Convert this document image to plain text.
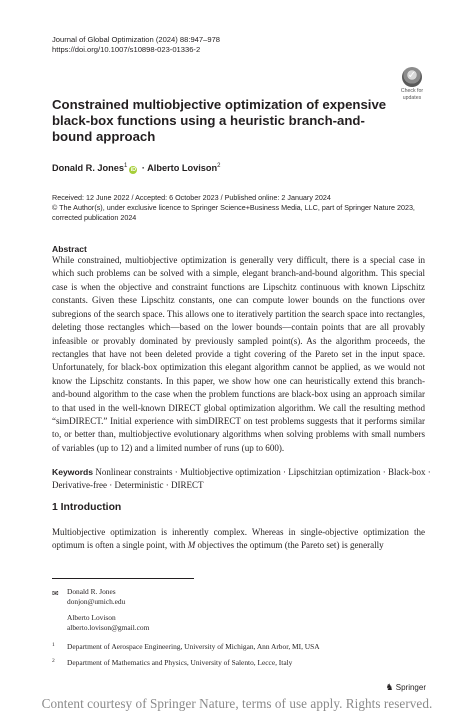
Journal of Global Optimization (2024) 88:947–978
https://doi.org/10.1007/s10898-023-01336-2
✓
Check for
updates
Constrained multiobjective optimization of expensive black-box functions using a heuristic branch-and-bound approach
Donald R. Jones$^1$iD · Alberto Lovison$^2$
Received: 12 June 2022 / Accepted: 6 October 2023 / Published online: 2 January 2024
© The Author(s), under exclusive licence to Springer Science+Business Media, LLC, part of Springer Nature 2023, corrected publication 2024
Abstract
While constrained, multiobjective optimization is generally very difficult, there is a special case in which such problems can be solved with a simple, elegant branch-and-bound algorithm. This special case is when the objective and constraint functions are Lipschitz continuous with known Lipschitz constants. Given these Lipschitz constants, one can compute lower bounds on the functions over subregions of the search space. This allows one to iteratively partition the search space into rectangles, deleting those rectangles which—based on the lower bounds—contain points that are all provably infeasible or provably dominated by previously sampled point(s). As the algorithm proceeds, the rectangles that have not been deleted provide a tight covering of the Pareto set in the input space. Unfortunately, for black-box optimization this elegant algorithm cannot be applied, as we would not know the Lipschitz constants. In this paper, we show how one can heuristically extend this branch-and-bound algorithm to the case when the problem functions are black-box using an approach similar to that used in the well-known DIRECT global optimization algorithm. We call the resulting method “simDIRECT.” Initial experience with simDIRECT on test problems suggests that it performs similar to, or better than, multiobjective evolutionary algorithms when solving problems with small numbers of variables (up to 12) and a limited number of runs (up to 600).
Keywords Nonlinear constraints · Multiobjective optimization · Lipschitzian optimization · Black-box · Derivative-free · Deterministic · DIRECT
1 Introduction
Multiobjective optimization is inherently complex. Whereas in single-objective optimization the optimum is often a single point, with M objectives the optimum (the Pareto set) is generally
✉ Donald R. Jones
donjon@umich.edu
Alberto Lovison
alberto.lovison@gmail.com
$^1$ Department of Aerospace Engineering, University of Michigan, Ann Arbor, MI, USA
$^2$ Department of Mathematics and Physics, University of Salento, Lecce, Italy
♞ Springer
Content courtesy of Springer Nature, terms of use apply. Rights reserved.
